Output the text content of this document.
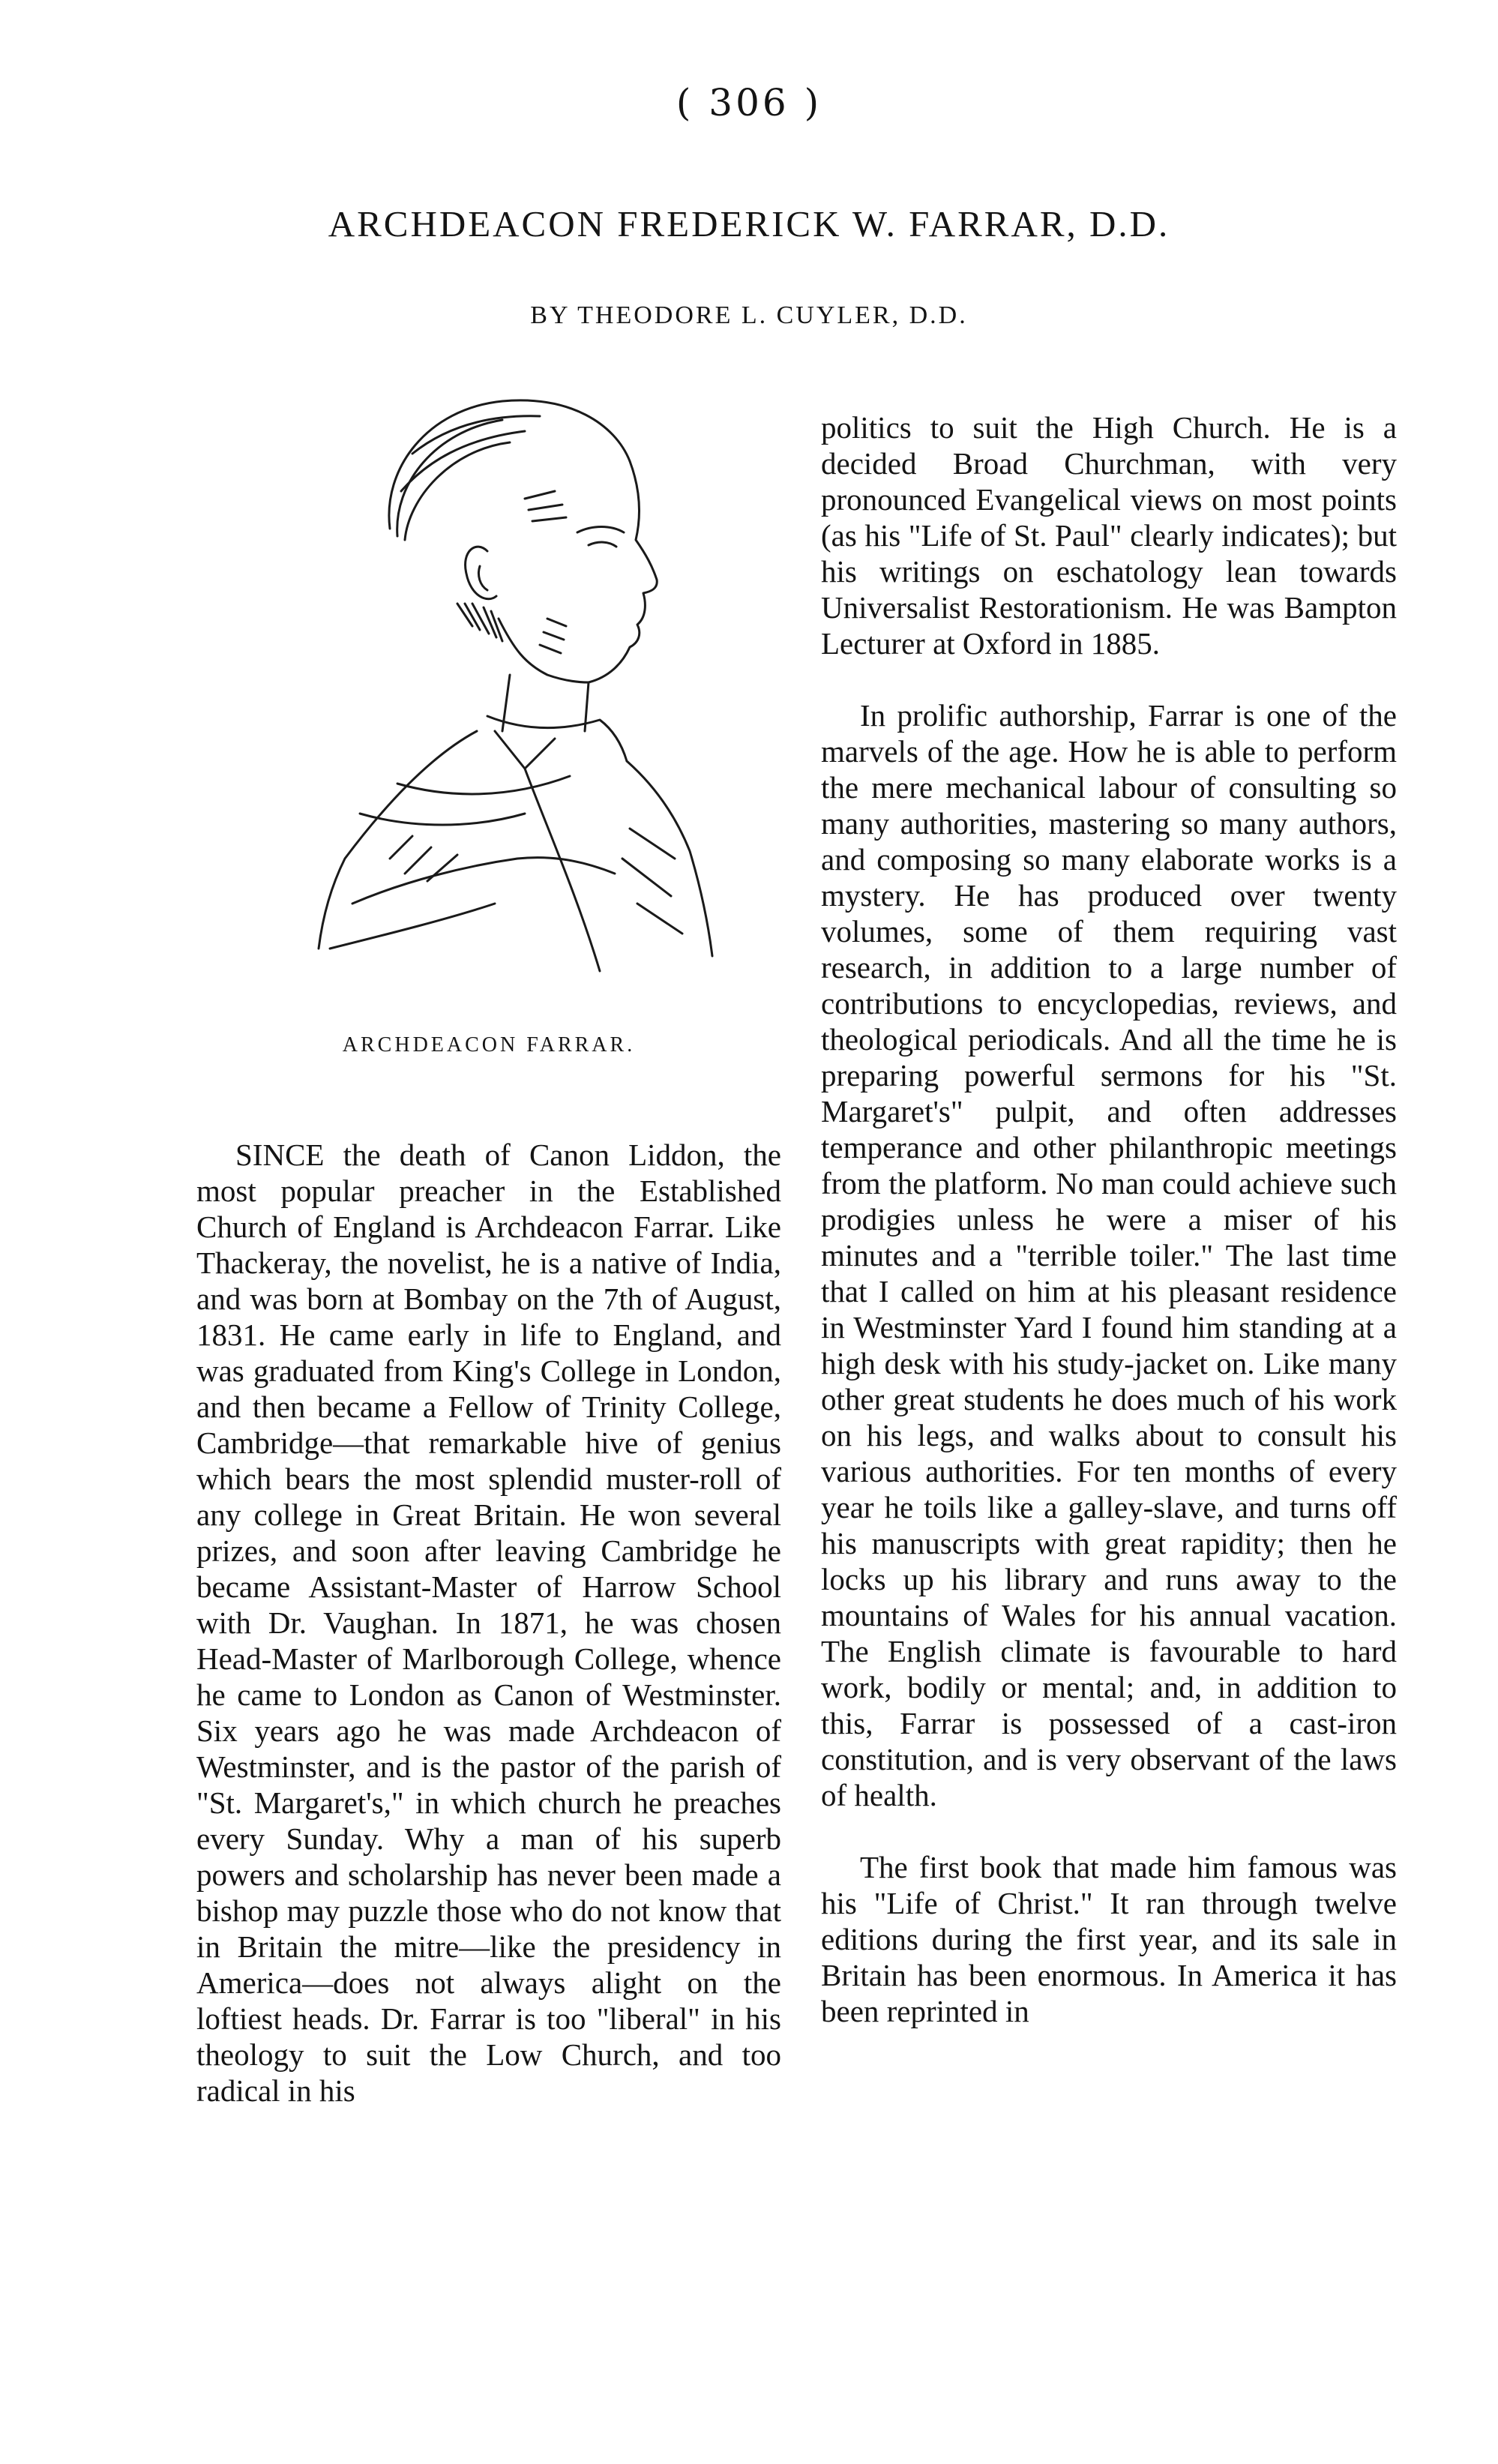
( 306 )
ARCHDEACON FREDERICK W. FARRAR, D.D.
BY THEODORE L. CUYLER, D.D.
ARCHDEACON FARRAR.

SINCE the death of Canon Liddon, the most popular preacher in the Established Church of England is Archdeacon Farrar. Like Thackeray, the novelist, he is a native of India, and was born at Bombay on the 7th of August, 1831. He came early in life to England, and was graduated from King's College in London, and then became a Fellow of Trinity College, Cambridge—that remarkable hive of genius which bears the most splendid muster-roll of any college in Great Britain. He won several prizes, and soon after leaving Cambridge he became Assistant-Master of Harrow School with Dr. Vaughan. In 1871, he was chosen Head-Master of Marlborough College, whence he came to London as Canon of Westminster. Six years ago he was made Archdeacon of Westminster, and is the pastor of the parish of "St. Margaret's," in which church he preaches every Sunday. Why a man of his superb powers and scholarship has never been made a bishop may puzzle those who do not know that in Britain the mitre—like the presidency in America—does not always alight on the loftiest heads. Dr. Farrar is too "liberal" in his theology to suit the Low Church, and too radical in his

politics to suit the High Church. He is a decided Broad Churchman, with very pronounced Evangelical views on most points (as his "Life of St. Paul" clearly indicates); but his writings on eschatology lean towards Universalist Restorationism. He was Bampton Lecturer at Oxford in 1885.

In prolific authorship, Farrar is one of the marvels of the age. How he is able to perform the mere mechanical labour of consulting so many authorities, mastering so many authors, and composing so many elaborate works is a mystery. He has produced over twenty volumes, some of them requiring vast research, in addition to a large number of contributions to encyclopedias, reviews, and theological periodicals. And all the time he is preparing powerful sermons for his "St. Margaret's" pulpit, and often addresses temperance and other philanthropic meetings from the platform. No man could achieve such prodigies unless he were a miser of his minutes and a "terrible toiler." The last time that I called on him at his pleasant residence in Westminster Yard I found him standing at a high desk with his study-jacket on. Like many other great students he does much of his work on his legs, and walks about to consult his various authorities. For ten months of every year he toils like a galley-slave, and turns off his manuscripts with great rapidity; then he locks up his library and runs away to the mountains of Wales for his annual vacation. The English climate is favourable to hard work, bodily or mental; and, in addition to this, Farrar is possessed of a cast-iron constitution, and is very observant of the laws of health.

The first book that made him famous was his "Life of Christ." It ran through twelve editions during the first year, and its sale in Britain has been enormous. In America it has been reprinted in
